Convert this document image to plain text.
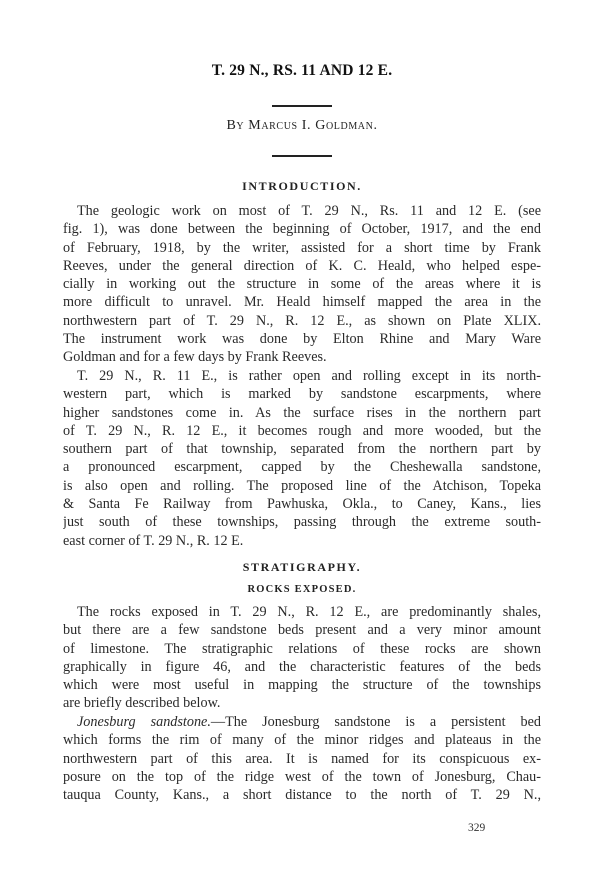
T. 29 N., RS. 11 AND 12 E.
By Marcus I. Goldman.
INTRODUCTION.
The geologic work on most of T. 29 N., Rs. 11 and 12 E. (see
fig. 1), was done between the beginning of October, 1917, and the end
of February, 1918, by the writer, assisted for a short time by Frank
Reeves, under the general direction of K. C. Heald, who helped espe-
cially in working out the structure in some of the areas where it is
more difficult to unravel. Mr. Heald himself mapped the area in the
northwestern part of T. 29 N., R. 12 E., as shown on Plate XLIX.
The instrument work was done by Elton Rhine and Mary Ware
Goldman and for a few days by Frank Reeves.
T. 29 N., R. 11 E., is rather open and rolling except in its north-
western part, which is marked by sandstone escarpments, where
higher sandstones come in. As the surface rises in the northern part
of T. 29 N., R. 12 E., it becomes rough and more wooded, but the
southern part of that township, separated from the northern part by
a pronounced escarpment, capped by the Cheshewalla sandstone,
is also open and rolling. The proposed line of the Atchison, Topeka
& Santa Fe Railway from Pawhuska, Okla., to Caney, Kans., lies
just south of these townships, passing through the extreme south-
east corner of T. 29 N., R. 12 E.
STRATIGRAPHY.
ROCKS EXPOSED.
The rocks exposed in T. 29 N., R. 12 E., are predominantly shales,
but there are a few sandstone beds present and a very minor amount
of limestone. The stratigraphic relations of these rocks are shown
graphically in figure 46, and the characteristic features of the beds
which were most useful in mapping the structure of the townships
are briefly described below.
Jonesburg sandstone.—The Jonesburg sandstone is a persistent bed
which forms the rim of many of the minor ridges and plateaus in the
northwestern part of this area. It is named for its conspicuous ex-
posure on the top of the ridge west of the town of Jonesburg, Chau-
tauqua County, Kans., a short distance to the north of T. 29 N.,
329
